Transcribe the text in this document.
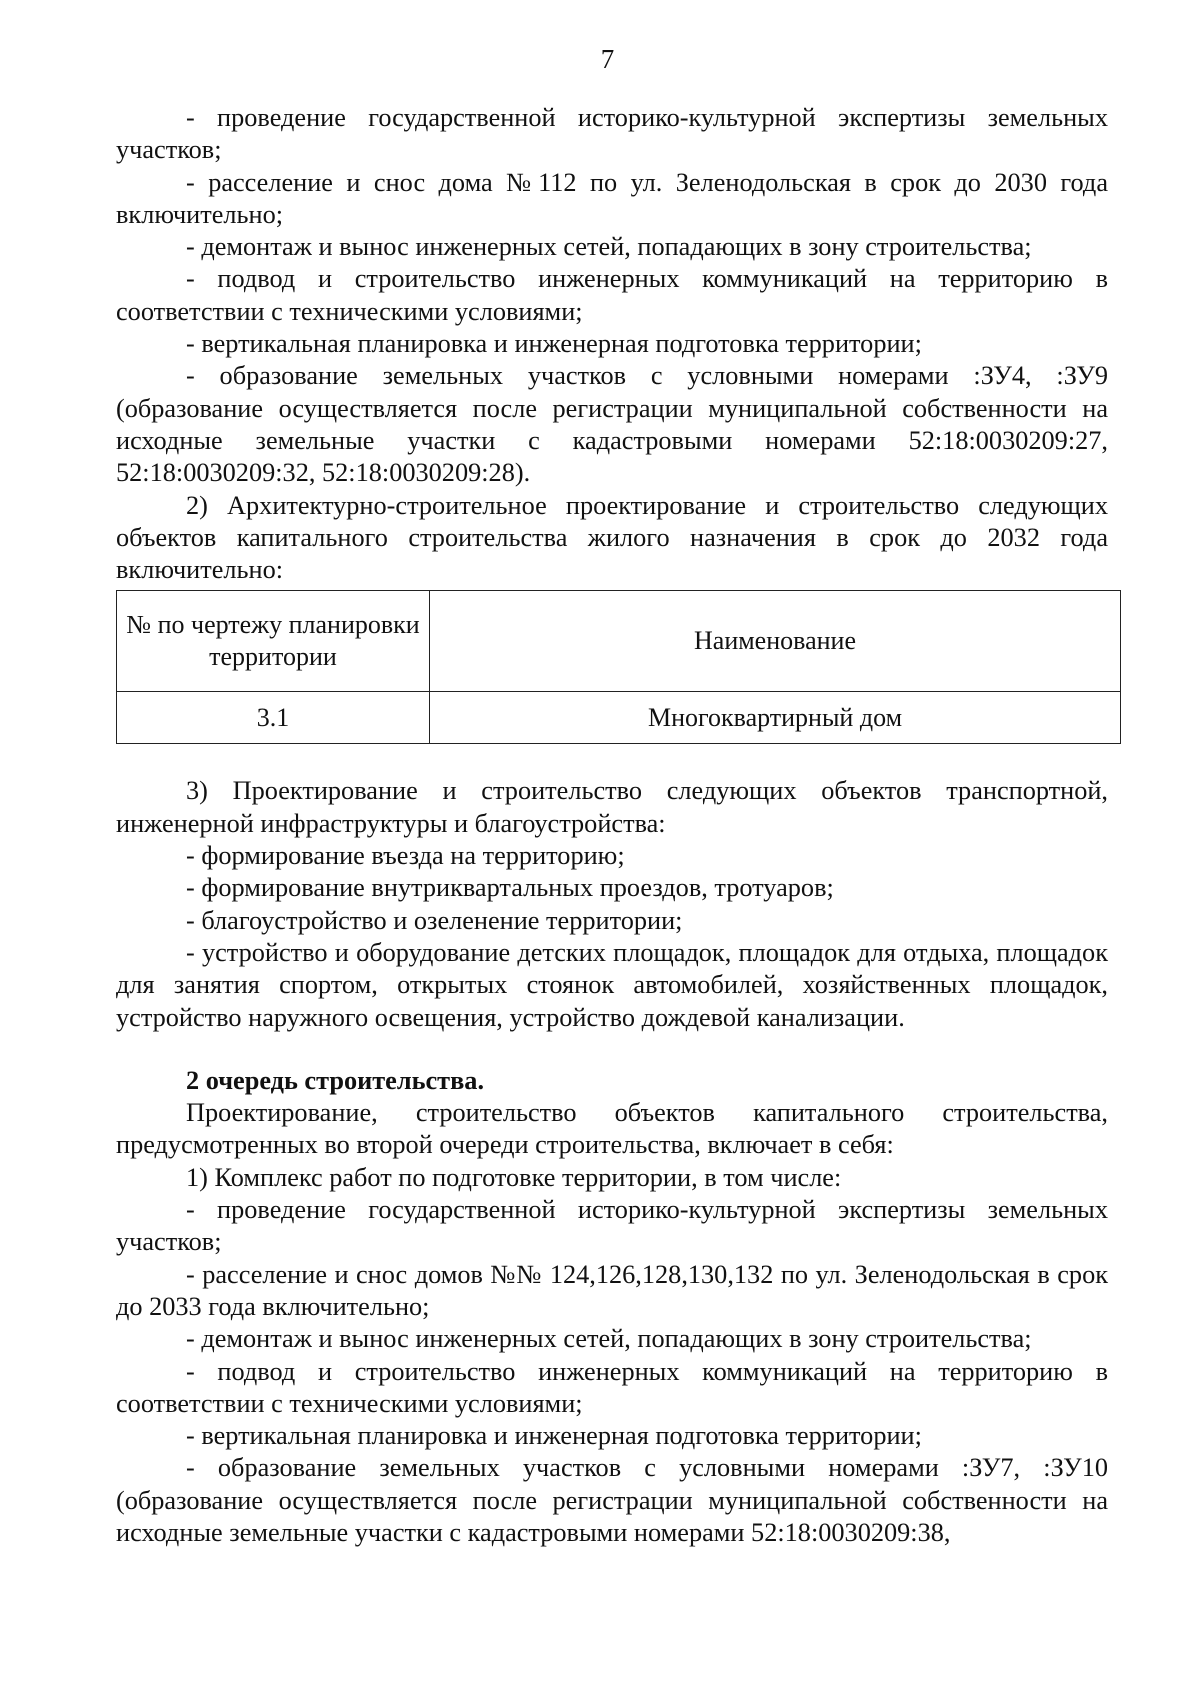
7

- проведение государственной историко-культурной экспертизы земельных участков;

- расселение и снос дома №112 по ул. Зеленодольская в срок до 2030 года включительно;

- демонтаж и вынос инженерных сетей, попадающих в зону строительства;

- подвод и строительство инженерных коммуникаций на территорию в соответствии с техническими условиями;

- вертикальная планировка и инженерная подготовка территории;

- образование земельных участков с условными номерами :ЗУ4, :ЗУ9 (образование осуществляется после регистрации муниципальной собственности на исходные земельные участки с кадастровыми номерами 52:18:0030209:27, 52:18:0030209:32, 52:18:0030209:28).

2) Архитектурно-строительное проектирование и строительство следующих объектов капитального строительства жилого назначения в срок до 2032 года включительно:

№ по чертежу планировки территории	Наименование
3.1	Многоквартирный дом

3) Проектирование и строительство следующих объектов транспортной, инженерной инфраструктуры и благоустройства:

- формирование въезда на территорию;

- формирование внутриквартальных проездов, тротуаров;

- благоустройство и озеленение территории;

- устройство и оборудование детских площадок, площадок для отдыха, площадок для занятия спортом, открытых стоянок автомобилей, хозяйственных площадок, устройство наружного освещения, устройство дождевой канализации.

2 очередь строительства.

Проектирование, строительство объектов капитального строительства, предусмотренных во второй очереди строительства, включает в себя:

1) Комплекс работ по подготовке территории, в том числе:

- проведение государственной историко-культурной экспертизы земельных участков;

- расселение и снос домов №№ 124,126,128,130,132 по ул. Зеленодольская в срок до 2033 года включительно;

- демонтаж и вынос инженерных сетей, попадающих в зону строительства;

- подвод и строительство инженерных коммуникаций на территорию в соответствии с техническими условиями;

- вертикальная планировка и инженерная подготовка территории;

- образование земельных участков с условными номерами :ЗУ7, :ЗУ10 (образование осуществляется после регистрации муниципальной собственности на исходные земельные участки с кадастровыми номерами 52:18:0030209:38,
